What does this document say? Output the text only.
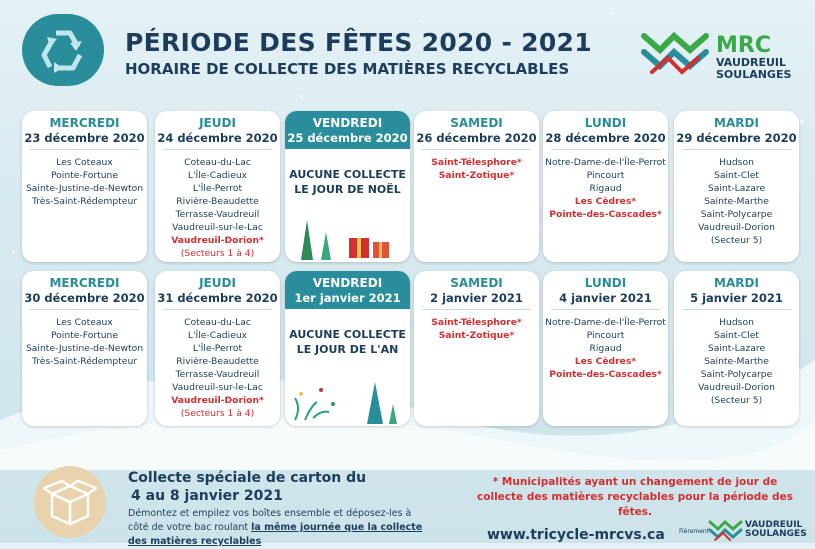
PÉRIODE DES FÊTES 2020 - 2021
HORAIRE DE COLLECTE DES MATIÈRES RECYCLABLES
MRC
VAUDREUIL
SOULANGES
MERCREDI
23 décembre 2020
Les Coteaux
Pointe-Fortune
Sainte-Justine-de-Newton
Très-Saint-Rédempteur
JEUDI
24 décembre 2020
Coteau-du-Lac
L'Île-Cadieux
L'Île-Perrot
Rivière-Beaudette
Terrasse-Vaudreuil
Vaudreuil-sur-le-Lac
Vaudreuil-Dorion*
(Secteurs 1 à 4)
VENDREDI
25 décembre 2020
AUCUNE COLLECTE
LE JOUR DE NOËL
SAMEDI
26 décembre 2020
Saint-Télesphore*
Saint-Zotique*
LUNDI
28 décembre 2020
Notre-Dame-de-l'Île-Perrot
Pincourt
Rigaud
Les Cèdres*
Pointe-des-Cascades*
MARDI
29 décembre 2020
Hudson
Saint-Clet
Saint-Lazare
Sainte-Marthe
Saint-Polycarpe
Vaudreuil-Dorion
(Secteur 5)
MERCREDI
30 décembre 2020
Les Coteaux
Pointe-Fortune
Sainte-Justine-de-Newton
Très-Saint-Rédempteur
JEUDI
31 décembre 2020
Coteau-du-Lac
L'Île-Cadieux
L'Île-Perrot
Rivière-Beaudette
Terrasse-Vaudreuil
Vaudreuil-sur-le-Lac
Vaudreuil-Dorion*
(Secteurs 1 à 4)
VENDREDI
1er janvier 2021
AUCUNE COLLECTE
LE JOUR DE L'AN
SAMEDI
2 janvier 2021
Saint-Télesphore*
Saint-Zotique*
LUNDI
4 janvier 2021
Notre-Dame-de-l'Île-Perrot
Pincourt
Rigaud
Les Cèdres*
Pointe-des-Cascades*
MARDI
5 janvier 2021
Hudson
Saint-Clet
Saint-Lazare
Sainte-Marthe
Saint-Polycarpe
Vaudreuil-Dorion
(Secteur 5)
Collecte spéciale de carton du
4 au 8 janvier 2021
Démontez et empilez vos boîtes ensemble et déposez-les à côté de votre bac roulant la même journée que la collecte des matières recyclables
* Municipalités ayant un changement de jour de collecte des matières recyclables pour la période des fêtes.
www.tricycle-mrcvs.ca Fièrement
VAUDREUIL
SOULANGES
